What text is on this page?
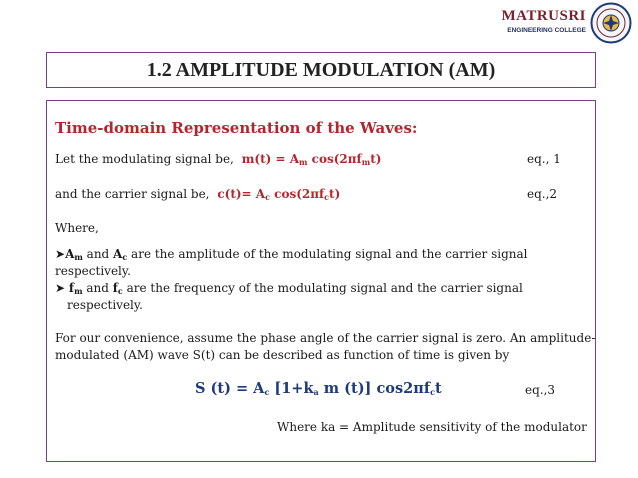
MATRUSRI
ENGINEERING COLLEGE
1.2 AMPLITUDE MODULATION (AM)
Time-domain Representation of the Waves:
Let the modulating signal be, $m(t) = A_m$ $\cos(2\pi f_mt)$	eq., 1
and the carrier signal be, $c(t)= A_c$ $\cos(2\pi f_ct)$	eq.,2
Where,
$➤A_m$ and $A_c$ are the amplitude of the modulating signal and the carrier signal
respectively.
➤ $f_m$ and $f_c$ are the frequency of the modulating signal and the carrier signal
respectively.
For our convenience, assume the phase angle of the carrier signal is zero. An amplitude-
modulated (AM) wave S(t) can be described as function of time is given by
S $(t) = A_c$ [$1+k_a$ m (t)] $\cos 2\pi f_ct$	eq.,3
Where ka = Amplitude sensitivity of the modulator
